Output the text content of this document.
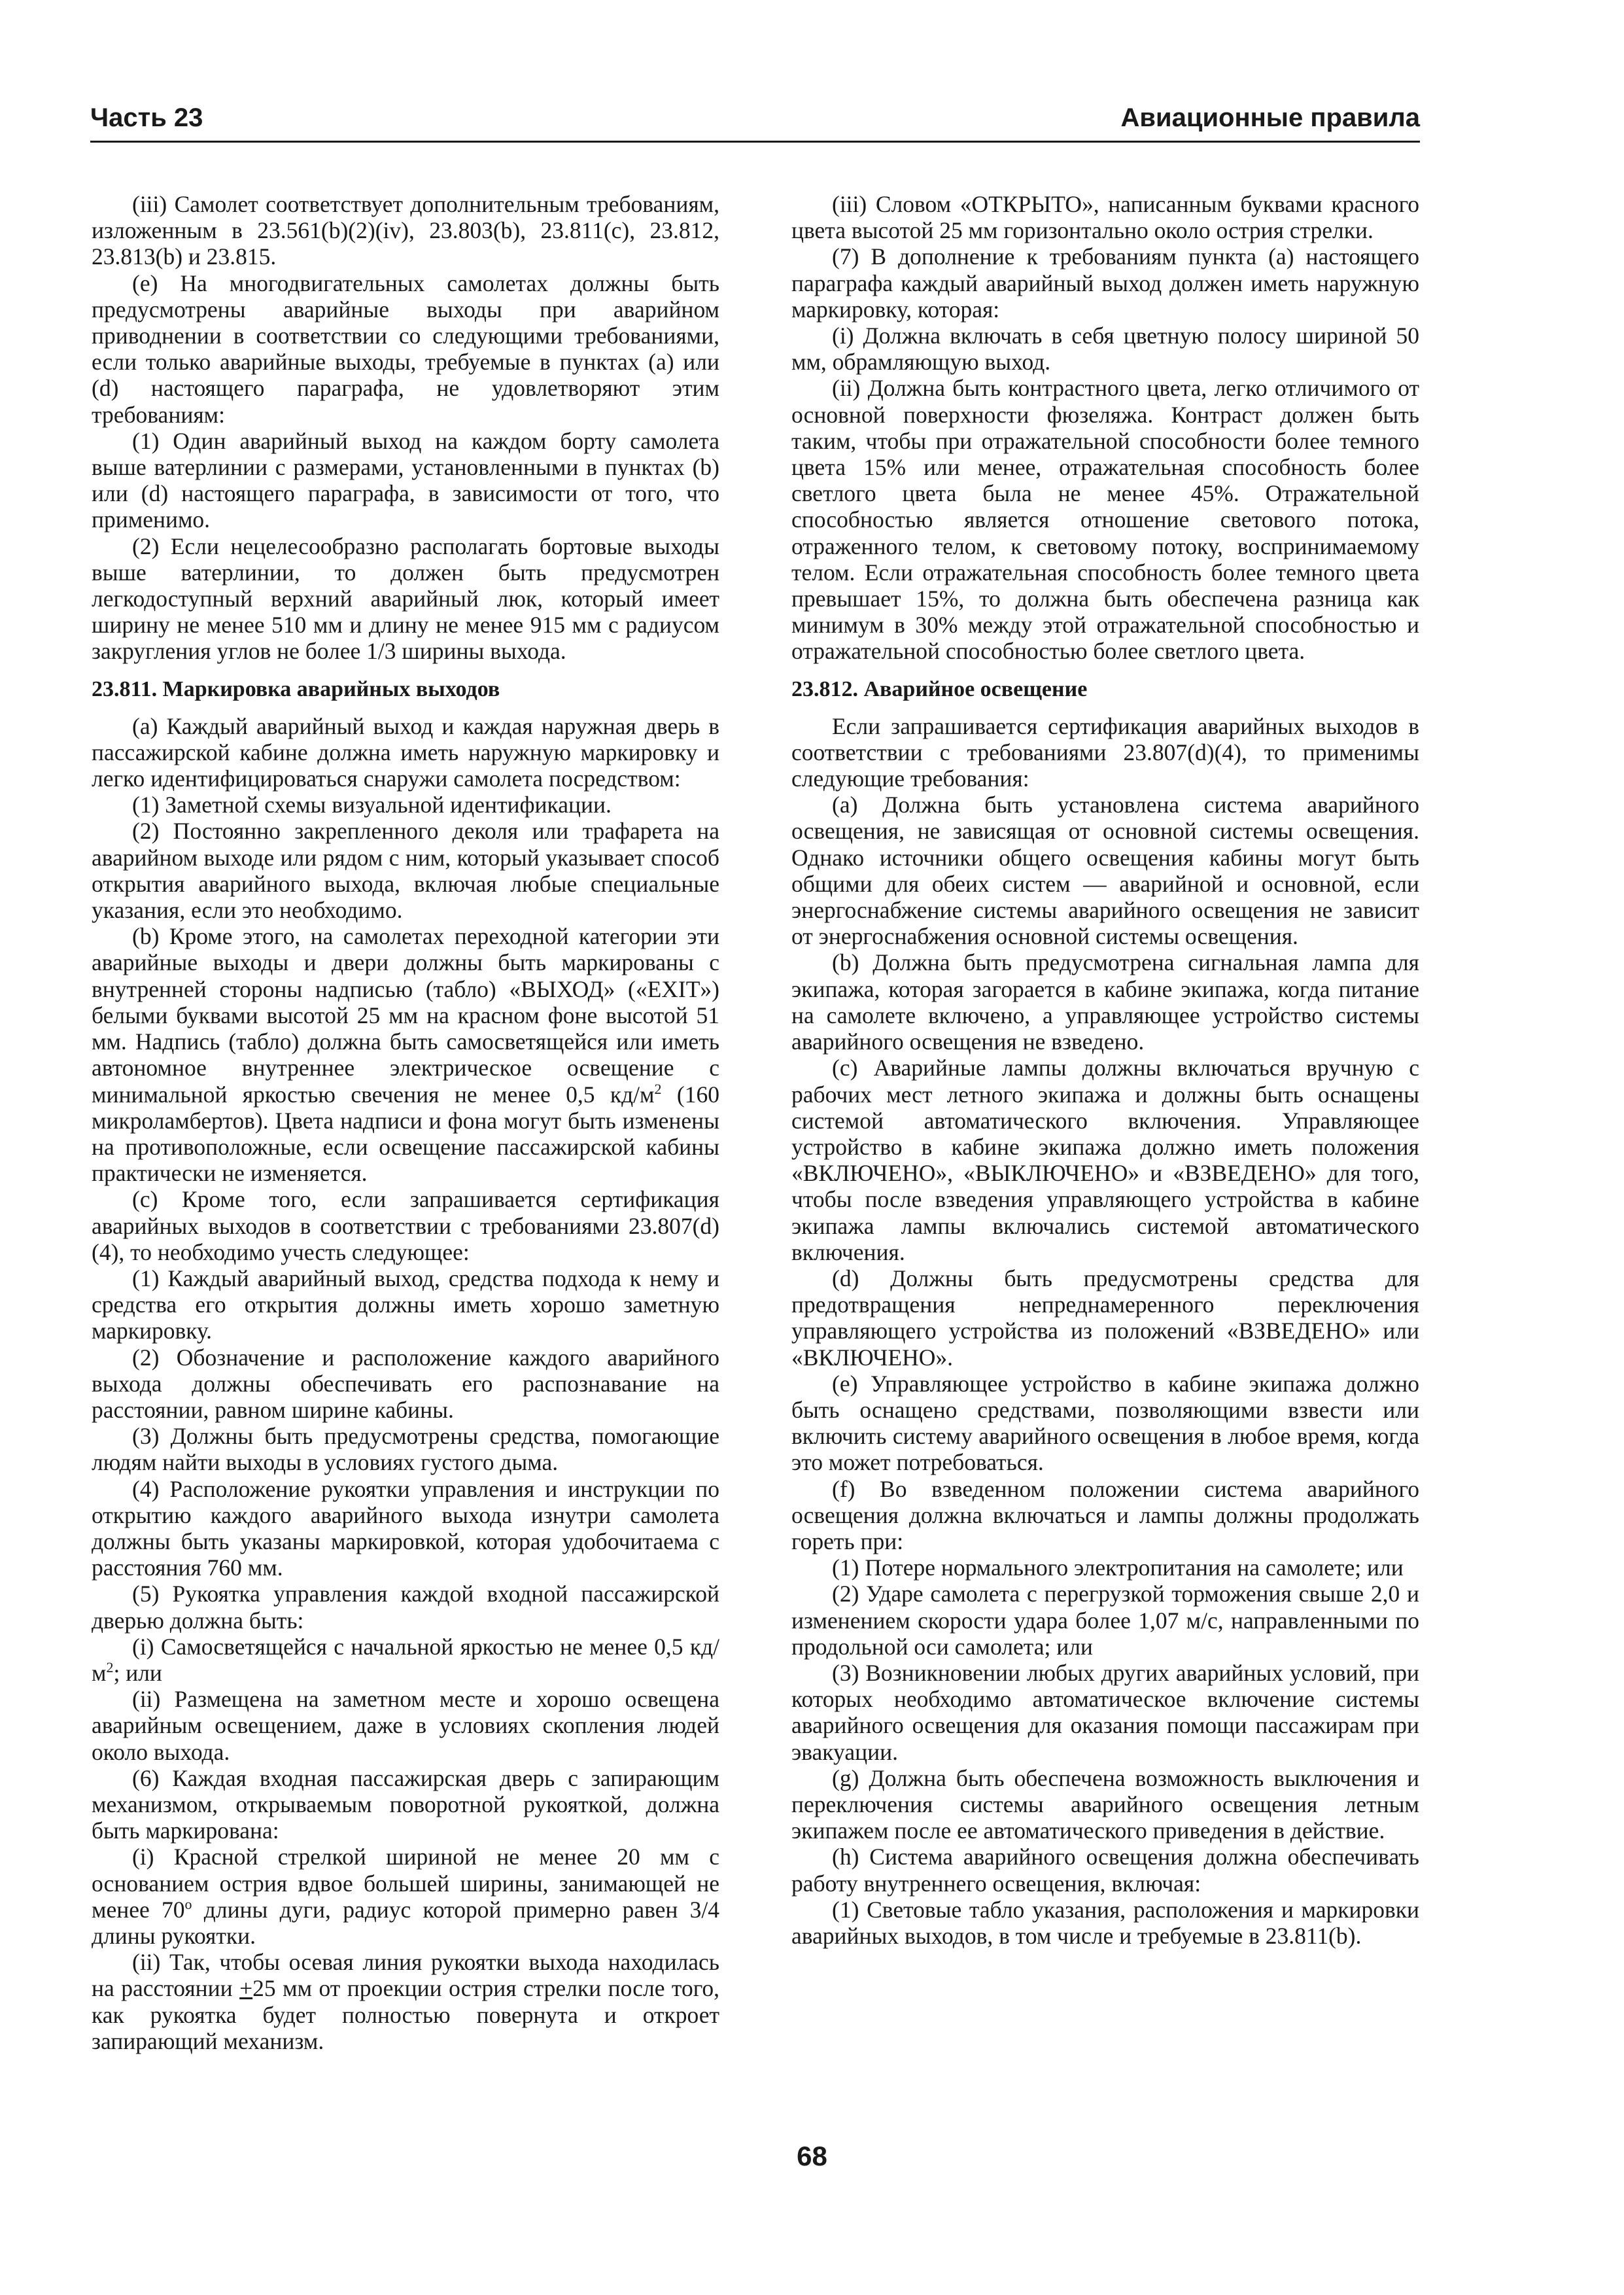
Часть 23	Авиационные правила

(iii) Самолет соответствует дополнительным требованиям, изложенным в 23.561(b)(2)(iv), 23.803(b), 23.811(c), 23.812, 23.813(b) и 23.815.

(e) На многодвигательных самолетах должны быть предусмотрены аварийные выходы при аварийном приводнении в соответствии со следующими требованиями, если только аварийные выходы, требуемые в пунктах (a) или (d) настоящего параграфа, не удовлетворяют этим требованиям:

(1) Один аварийный выход на каждом борту самолета выше ватерлинии с размерами, установленными в пунктах (b) или (d) настоящего параграфа, в зависимости от того, что применимо.

(2) Если нецелесообразно располагать бортовые выходы выше ватерлинии, то должен быть предусмотрен легкодоступный верхний аварийный люк, который имеет ширину не менее 510 мм и длину не менее 915 мм с радиусом закругления углов не более 1/3 ширины выхода.

23.811. Маркировка аварийных выходов

(a) Каждый аварийный выход и каждая наружная дверь в пассажирской кабине должна иметь наружную маркировку и легко идентифицироваться снаружи самолета посредством:

(1) Заметной схемы визуальной идентификации.

(2) Постоянно закрепленного деколя или трафарета на аварийном выходе или рядом с ним, который указывает способ открытия аварийного выхода, включая любые специальные указания, если это необходимо.

(b) Кроме этого, на самолетах переходной категории эти аварийные выходы и двери должны быть маркированы с внутренней стороны надписью (табло) «ВЫХОД» («EXIT») белыми буквами высотой 25 мм на красном фоне высотой 51 мм. Надпись (табло) должна быть самосветящейся или иметь автономное внутреннее электрическое освещение с минимальной яркостью свечения не менее 0,5 $кд/м^2$ (160 микроламбертов). Цвета надписи и фона могут быть изменены на противоположные, если освещение пассажирской кабины практически не изменяется.

(c) Кроме того, если запрашивается сертификация аварийных выходов в соответствии с требованиями 23.807(d)(4), то необходимо учесть следующее:

(1) Каждый аварийный выход, средства подхода к нему и средства его открытия должны иметь хорошо заметную маркировку.

(2) Обозначение и расположение каждого аварийного выхода должны обеспечивать его распознавание на расстоянии, равном ширине кабины.

(3) Должны быть предусмотрены средства, помогающие людям найти выходы в условиях густого дыма.

(4) Расположение рукоятки управления и инструкции по открытию каждого аварийного выхода изнутри самолета должны быть указаны маркировкой, которая удобочитаема с расстояния 760 мм.

(5) Рукоятка управления каждой входной пассажирской дверью должна быть:

(i) Самосветящейся с начальной яркостью не менее 0,5 $кд/м^2$; или

(ii) Размещена на заметном месте и хорошо освещена аварийным освещением, даже в условиях скопления людей около выхода.

(6) Каждая входная пассажирская дверь с запирающим механизмом, открываемым поворотной рукояткой, должна быть маркирована:

(i) Красной стрелкой шириной не менее 20 мм с основанием острия вдвое большей ширины, занимающей не менее $70^о$ длины дуги, радиус которой примерно равен 3/4 длины рукоятки.

(ii) Так, чтобы осевая линия рукоятки выхода находилась на расстоянии +25 мм от проекции острия стрелки после того, как рукоятка будет полностью повернута и откроет запирающий механизм.

(iii) Словом «ОТКРЫТО», написанным буквами красного цвета высотой 25 мм горизонтально около острия стрелки.

(7) В дополнение к требованиям пункта (a) настоящего параграфа каждый аварийный выход должен иметь наружную маркировку, которая:

(i) Должна включать в себя цветную полосу шириной 50 мм, обрамляющую выход.

(ii) Должна быть контрастного цвета, легко отличимого от основной поверхности фюзеляжа. Контраст должен быть таким, чтобы при отражательной способности более темного цвета 15% или менее, отражательная способность более светлого цвета была не менее 45%. Отражательной способностью является отношение светового потока, отраженного телом, к световому потоку, воспринимаемому телом. Если отражательная способность более темного цвета превышает 15%, то должна быть обеспечена разница как минимум в 30% между этой отражательной способностью и отражательной способностью более светлого цвета.

23.812. Аварийное освещение

Если запрашивается сертификация аварийных выходов в соответствии с требованиями 23.807(d)(4), то применимы следующие требования:

(a) Должна быть установлена система аварийного освещения, не зависящая от основной системы освещения. Однако источники общего освещения кабины могут быть общими для обеих систем — аварийной и основной, если энергоснабжение системы аварийного освещения не зависит от энергоснабжения основной системы освещения.

(b) Должна быть предусмотрена сигнальная лампа для экипажа, которая загорается в кабине экипажа, когда питание на самолете включено, а управляющее устройство системы аварийного освещения не взведено.

(c) Аварийные лампы должны включаться вручную с рабочих мест летного экипажа и должны быть оснащены системой автоматического включения. Управляющее устройство в кабине экипажа должно иметь положения «ВКЛЮЧЕНО», «ВЫКЛЮЧЕНО» и «ВЗВЕДЕНО» для того, чтобы после взведения управляющего устройства в кабине экипажа лампы включались системой автоматического включения.

(d) Должны быть предусмотрены средства для предотвращения непреднамеренного переключения управляющего устройства из положений «ВЗВЕДЕНО» или «ВКЛЮЧЕНО».

(e) Управляющее устройство в кабине экипажа должно быть оснащено средствами, позволяющими взвести или включить систему аварийного освещения в любое время, когда это может потребоваться.

(f) Во взведенном положении система аварийного освещения должна включаться и лампы должны продолжать гореть при:

(1) Потере нормального электропитания на самолете; или

(2) Ударе самолета с перегрузкой торможения свыше 2,0 и изменением скорости удара более 1,07 м/с, направленными по продольной оси самолета; или

(3) Возникновении любых других аварийных условий, при которых необходимо автоматическое включение системы аварийного освещения для оказания помощи пассажирам при эвакуации.

(g) Должна быть обеспечена возможность выключения и переключения системы аварийного освещения летным экипажем после ее автоматического приведения в действие.

(h) Система аварийного освещения должна обеспечивать работу внутреннего освещения, включая:

(1) Световые табло указания, расположения и маркировки аварийных выходов, в том числе и требуемые в 23.811(b).

68
